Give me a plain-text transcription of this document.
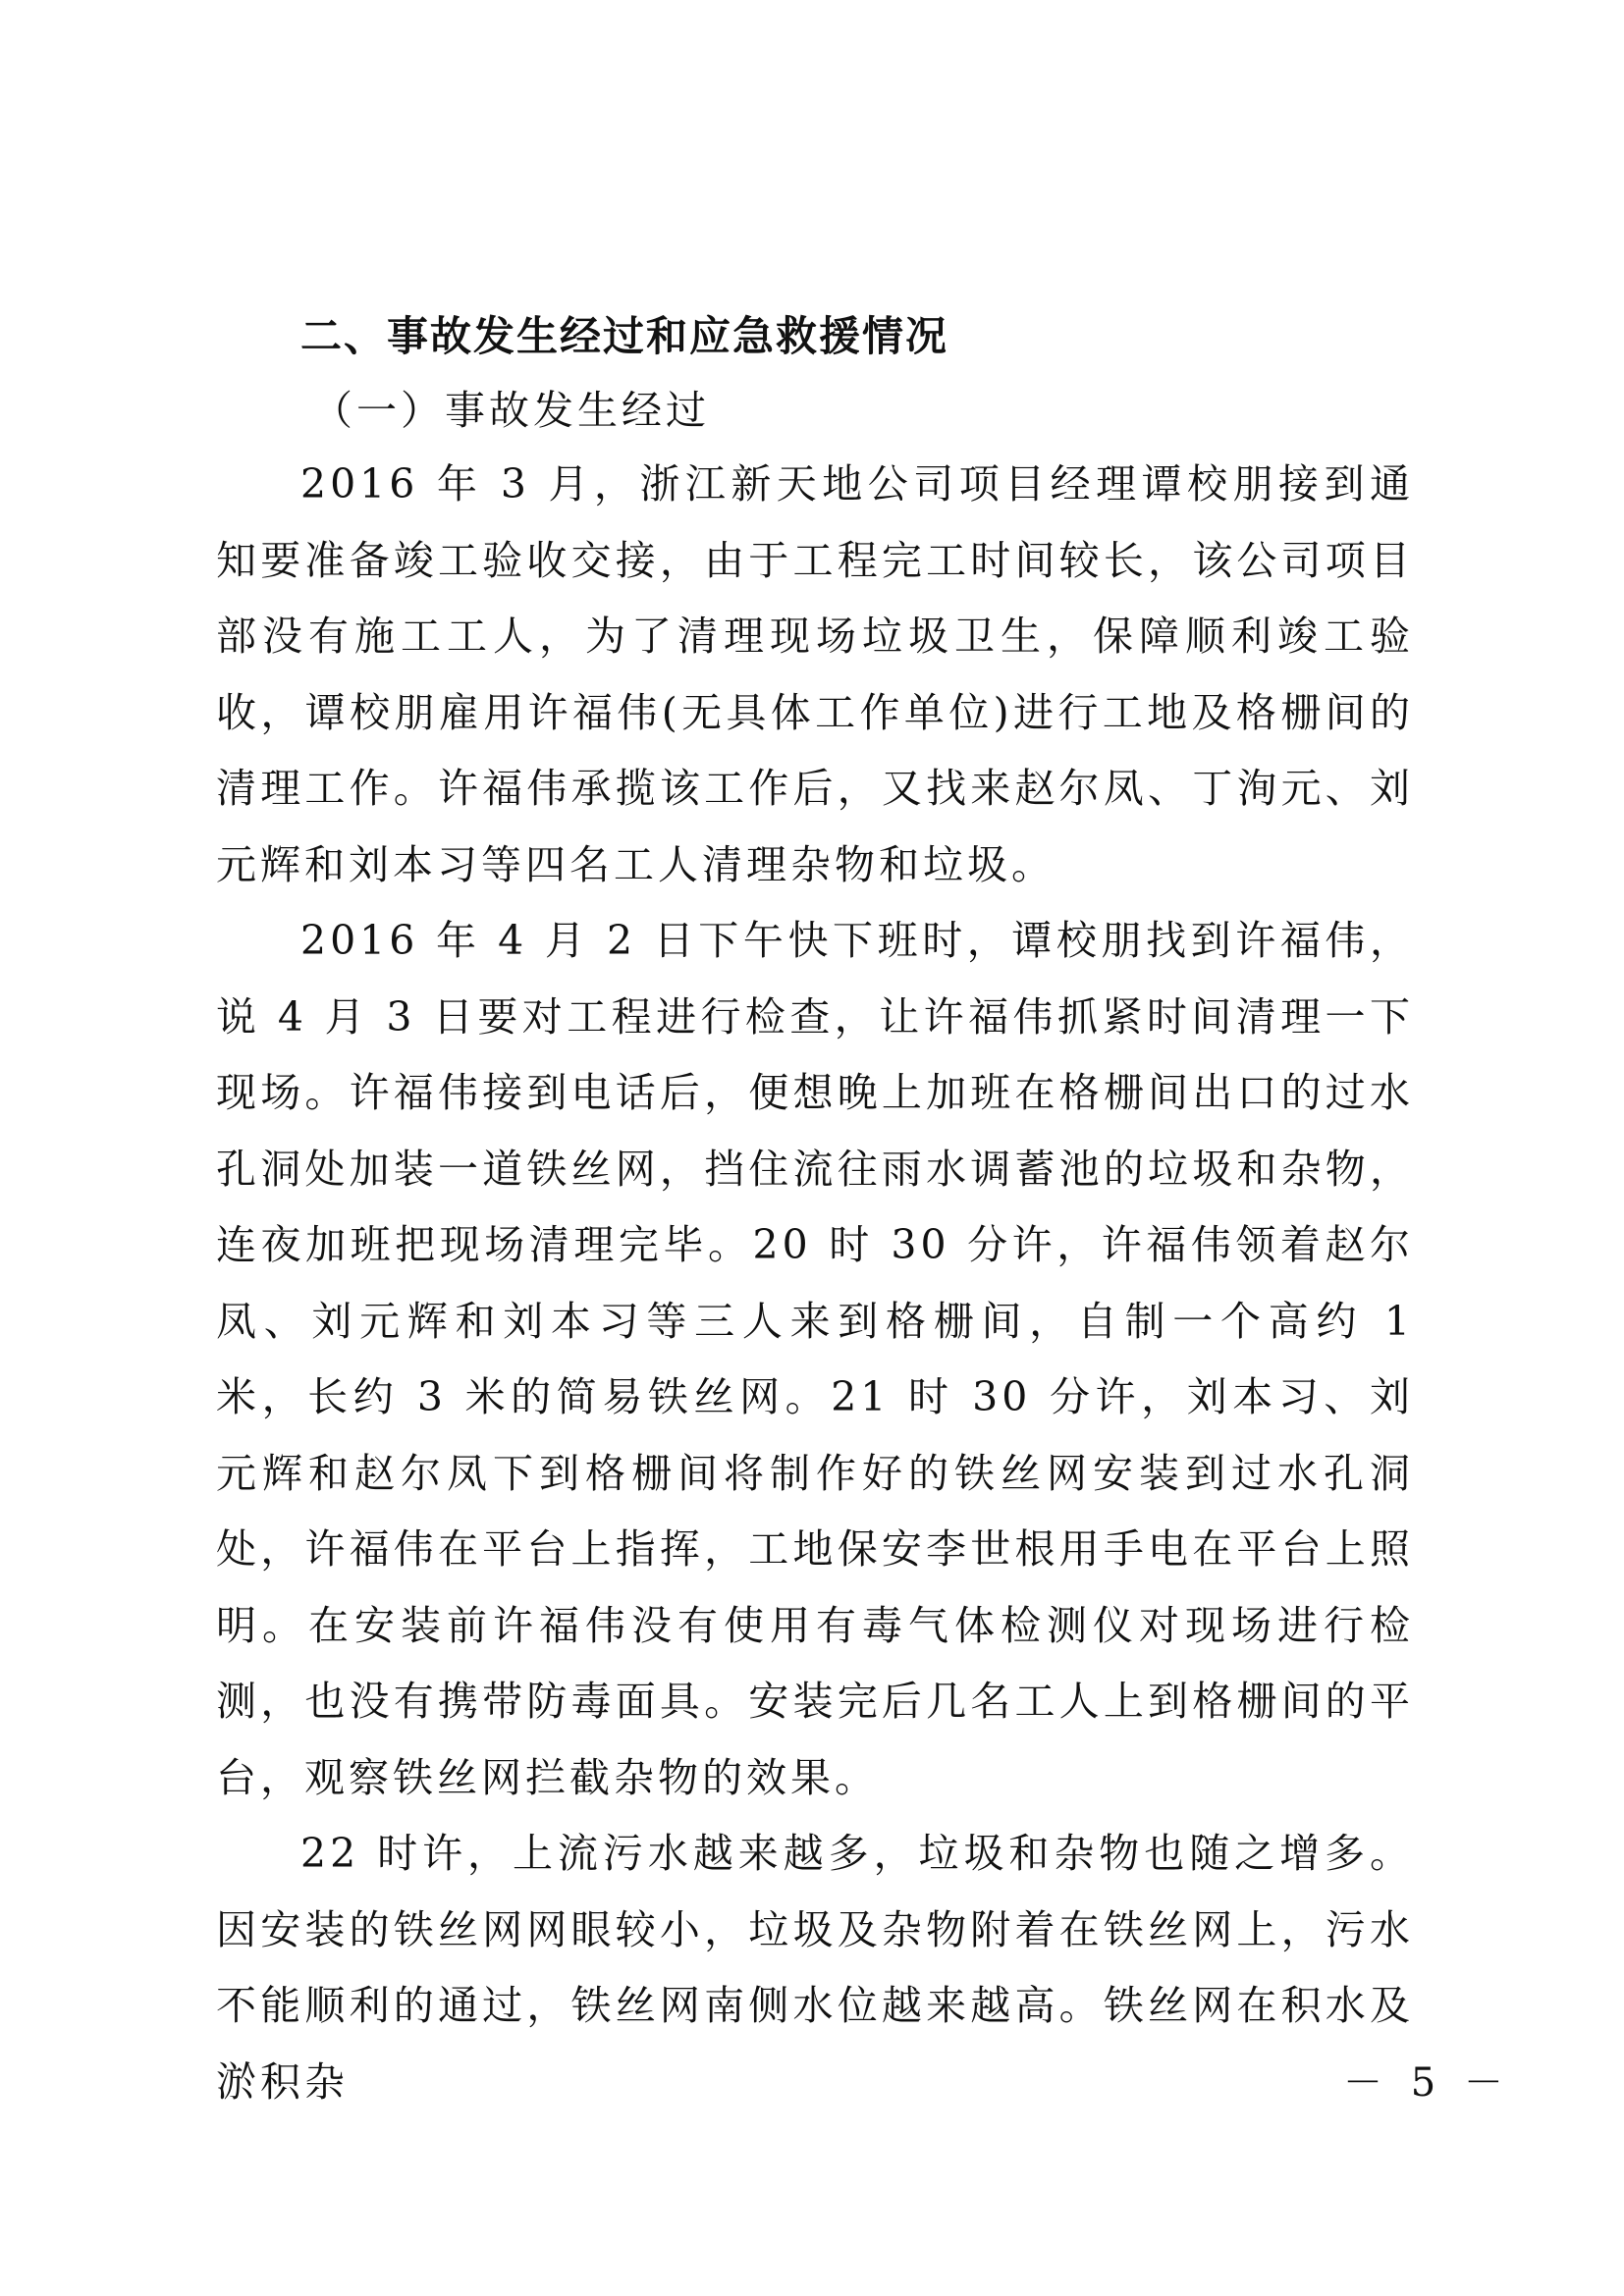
二、事故发生经过和应急救援情况
（一）事故发生经过

2016 年 3 月，浙江新天地公司项目经理谭校朋接到通知要准备竣工验收交接，由于工程完工时间较长，该公司项目部没有施工工人，为了清理现场垃圾卫生，保障顺利竣工验收，谭校朋雇用许福伟(无具体工作单位)进行工地及格栅间的清理工作。许福伟承揽该工作后，又找来赵尔凤、丁洵元、刘元辉和刘本习等四名工人清理杂物和垃圾。

2016 年 4 月 2 日下午快下班时，谭校朋找到许福伟，说 4 月 3 日要对工程进行检查，让许福伟抓紧时间清理一下现场。许福伟接到电话后，便想晚上加班在格栅间出口的过水孔洞处加装一道铁丝网，挡住流往雨水调蓄池的垃圾和杂物，连夜加班把现场清理完毕。20 时 30 分许，许福伟领着赵尔凤、刘元辉和刘本习等三人来到格栅间，自制一个高约 1 米，长约 3 米的简易铁丝网。21 时 30 分许，刘本习、刘元辉和赵尔凤下到格栅间将制作好的铁丝网安装到过水孔洞处，许福伟在平台上指挥，工地保安李世根用手电在平台上照明。在安装前许福伟没有使用有毒气体检测仪对现场进行检测，也没有携带防毒面具。安装完后几名工人上到格栅间的平台，观察铁丝网拦截杂物的效果。

22 时许，上流污水越来越多，垃圾和杂物也随之增多。因安装的铁丝网网眼较小，垃圾及杂物附着在铁丝网上，污水不能顺利的通过，铁丝网南侧水位越来越高。铁丝网在积水及淤积杂	－ 5 －
